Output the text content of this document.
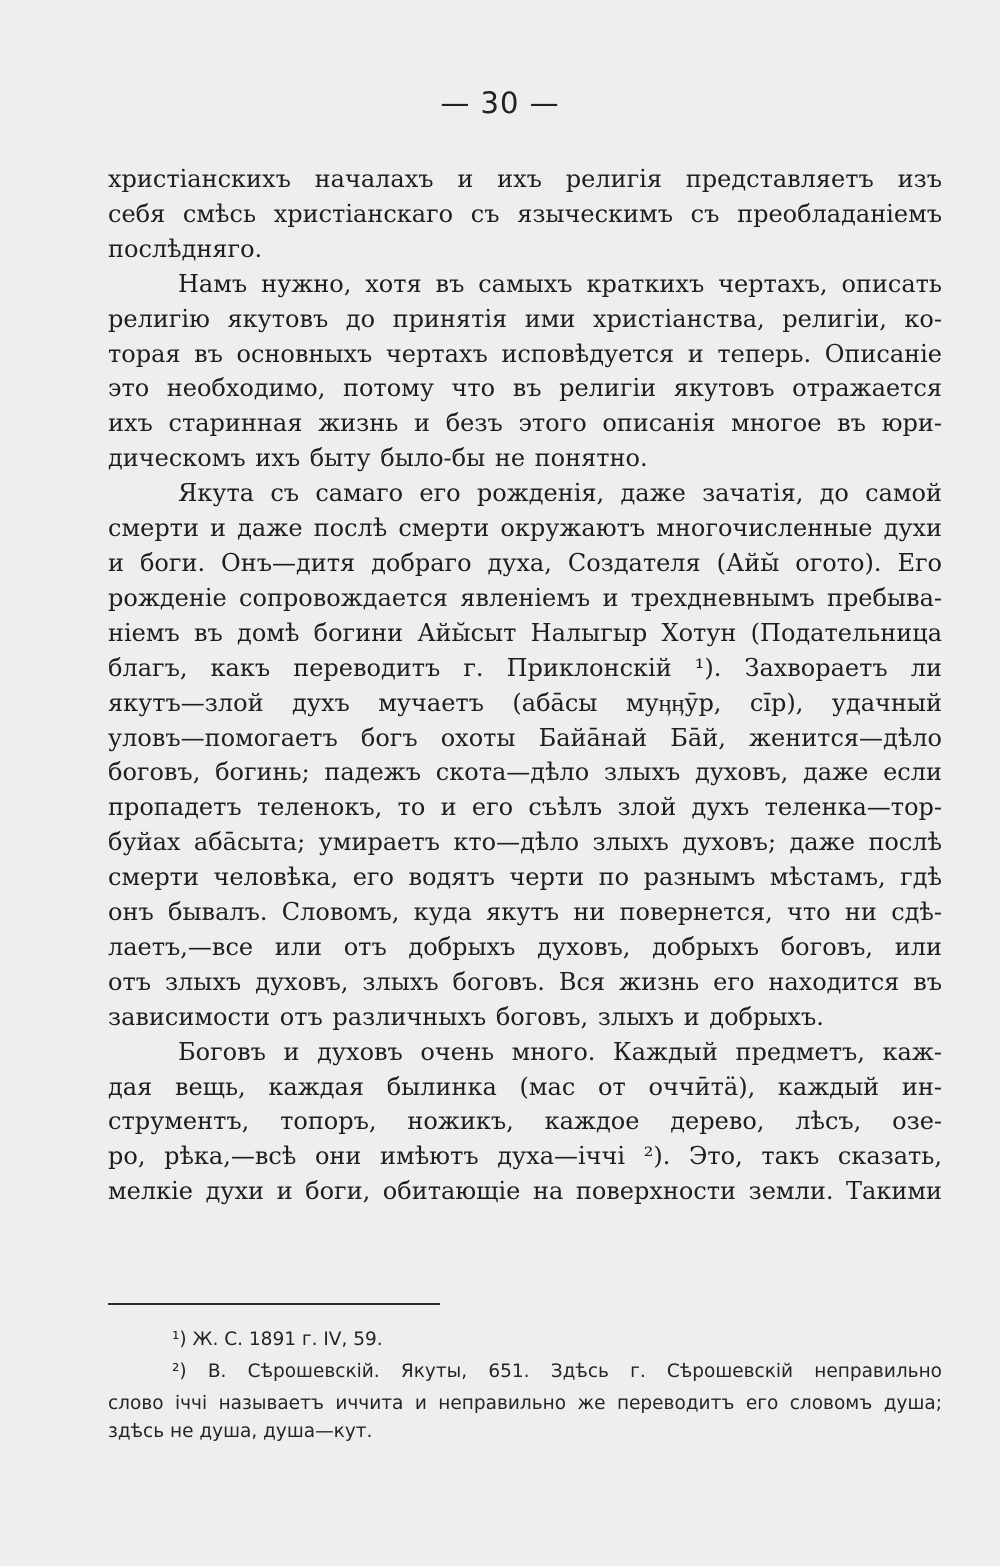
— 30 —

христіанскихъ началахъ и ихъ религія представляетъ изъ

себя смѣсь христіанскаго съ языческимъ съ преобладаніемъ

послѣдняго.

Намъ нужно, хотя въ самыхъ краткихъ чертахъ, описать

религію якутовъ до принятія ими христіанства, религіи, ко-

торая въ основныхъ чертахъ исповѣдуется и теперь. Описаніе

это необходимо, потому что въ религіи якутовъ отражается

ихъ старинная жизнь и безъ этого описанія многое въ юри-

дическомъ ихъ быту было-бы не понятно.

Якута съ самаго его рожденія, даже зачатія, до самой

смерти и даже послѣ смерти окружаютъ многочисленные духи

и боги. Онъ—дитя добраго духа, Создателя (Айы̆ огото). Его

рожденіе сопровождается явленіемъ и трехдневнымъ пребыва-

ніемъ въ домѣ богини Айы̆сыт Налыгыр Хотун (Подательница

благъ, какъ переводитъ г. Приклонскій ¹). Захвораетъ ли

якутъ—злой духъ мучаетъ (аба̄сы муӊӊӯр, сі̄р), удачный

уловъ—помогаетъ богъ охоты Байа̄най Ба̄й, женится—дѣло

боговъ, богинь; падежъ скота—дѣло злыхъ духовъ, даже если

пропадетъ теленокъ, то и его съѣлъ злой духъ теленка—тор-

буйах аба̄сыта; умираетъ кто—дѣло злыхъ духовъ; даже послѣ

смерти человѣка, его водятъ черти по разнымъ мѣстамъ, гдѣ

онъ бывалъ. Словомъ, куда якутъ ни повернется, что ни сдѣ-

лаетъ,—все или отъ добрыхъ духовъ, добрыхъ боговъ, или

отъ злыхъ духовъ, злыхъ боговъ. Вся жизнь его находится въ

зависимости отъ различныхъ боговъ, злыхъ и добрыхъ.

Боговъ и духовъ очень много. Каждый предметъ, каж-

дая вещь, каждая былинка (мас от оччӣтӓ), каждый ин-

струментъ, топоръ, ножикъ, каждое дерево, лѣсъ, озе-

ро, рѣка,—всѣ они имѣютъ духа—іччі ²). Это, такъ сказать,

мелкіе духи и боги, обитающіе на поверхности земли. Такими

¹) Ж. С. 1891 г. IV, 59.

²) В. Сѣрошевскій. Якуты, 651. Здѣсь г. Сѣрошевскій неправильно

слово іччі называетъ иччита и неправильно же переводитъ его словомъ душа;

здѣсь не душа, душа—кут.
